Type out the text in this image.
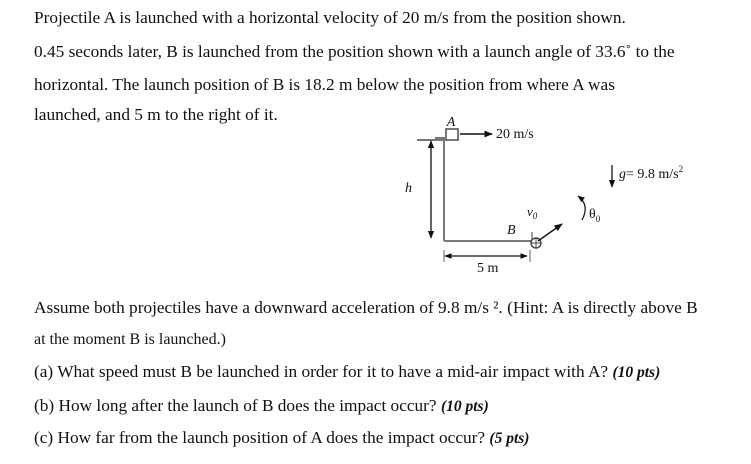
Projectile A is launched with a horizontal velocity of 20 m/s from the position shown.
0.45 seconds later, B is launched from the position shown with a launch angle of 33.6˚ to the
horizontal. The launch position of B is 18.2 m below the position from where A was
launched, and 5 m to the right of it.	A
20 m/s
h
B
$v_0$	$\theta_0$
g= 9.8 $m/s^2$
5 m
Assume both projectiles have a downward acceleration of 9.8 m/s ². (Hint: A is directly above B
at the moment B is launched.)
(a) What speed must B be launched in order for it to have a mid-air impact with A? (10 pts)
(b) How long after the launch of B does the impact occur? (10 pts)
(c) How far from the launch position of A does the impact occur? (5 pts)
